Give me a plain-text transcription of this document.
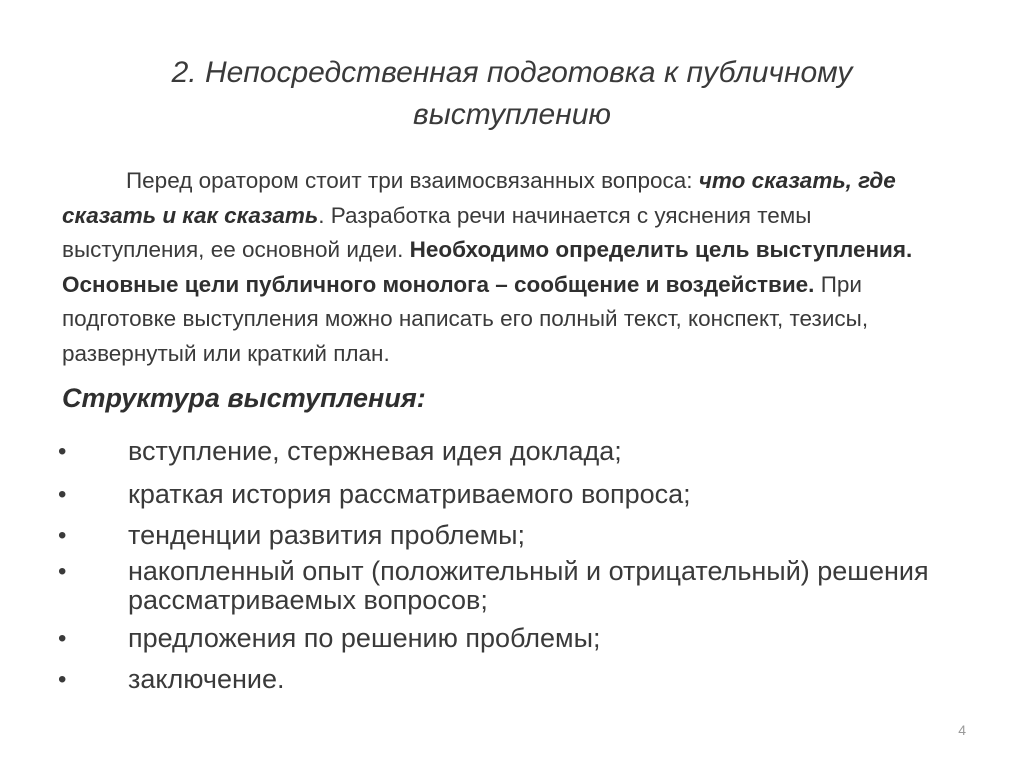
2. Непосредственная подготовка к публичному выступлению
Перед оратором стоит три взаимосвязанных вопроса: что сказать, где сказать и как сказать. Разработка речи начинается с уяснения темы выступления, ее основной идеи. Необходимо определить цель выступления. Основные цели публичного монолога – сообщение и воздействие. При подготовке выступления можно написать его полный текст, конспект, тезисы, развернутый или краткий план.
Структура выступления:
• вступление, стержневая идея доклада;
• краткая история рассматриваемого вопроса;
• тенденции развития проблемы;
• накопленный опыт (положительный и отрицательный) решения рассматриваемых вопросов;
• предложения по решению проблемы;
• заключение.
4
